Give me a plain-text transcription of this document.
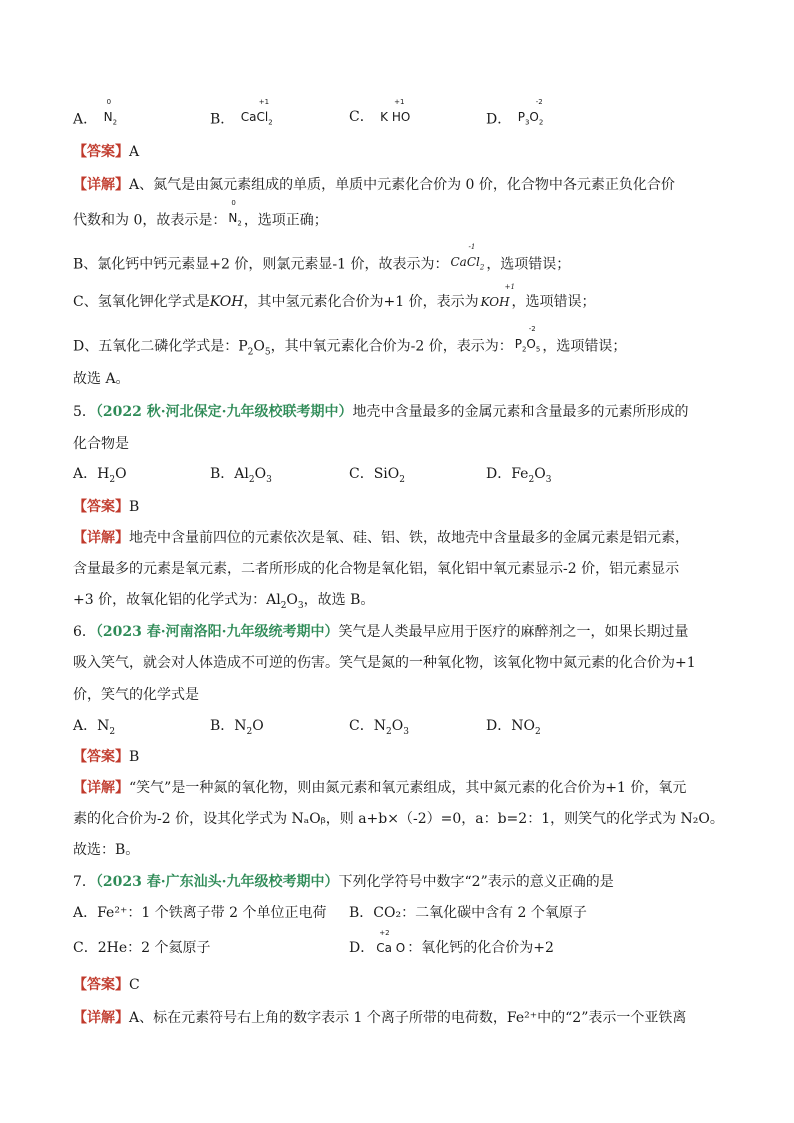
A．
0
$N_2$	B． Ca
+1
$Cl_2$	C． K
+1
HO	D． $P_3$
-2
$O_2$
【答案】A
【详解】A、氮气是由氮元素组成的单质，单质中元素化合价为 0 价，化合物中各元素正负化合价
代数和为 0，故表示是：
0
$N_2$ ，选项正确；
B、氯化钙中钙元素显+2 价，则氯元素显-1 价，故表示为： Ca
-1
$Cl_2$ ，选项错误；
C、氢氧化钾化学式是KOH，其中氢元素化合价为+1 价，表示为 KO
+1
H ，选项错误；
D、五氧化二磷化学式是：$P_2O_5$，其中氧元素化合价为-2 价，表示为： $P_2$
-2
$O_5$ ，选项错误；
故选 A。
5．（2022 秋·河北保定·九年级校联考期中）地壳中含量最多的金属元素和含量最多的元素所形成的
化合物是
A．$H_2O$	B．$Al_2O_3$	C．SiO$_2$	D．$Fe_2O_3$
【答案】B
【详解】地壳中含量前四位的元素依次是氧、硅、铝、铁，故地壳中含量最多的金属元素是铝元素，
含量最多的元素是氧元素，二者所形成的化合物是氧化铝，氧化铝中氧元素显示-2 价，铝元素显示
+3 价，故氧化铝的化学式为：$Al_2O_3$，故选 B。
6．（2023 春·河南洛阳·九年级统考期中）笑气是人类最早应用于医疗的麻醉剂之一，如果长期过量
吸入笑气，就会对人体造成不可逆的伤害。笑气是氮的一种氧化物，该氧化物中氮元素的化合价为+1
价，笑气的化学式是
A．$N_2$	B．$N_2O$	C．$N_2O_3$	D．$NO_2$
【答案】B
【详解】“笑气”是一种氮的氧化物，则由氮元素和氧元素组成，其中氮元素的化合价为+1 价，氧元
素的化合价为-2 价，设其化学式为 NₐOᵦ，则 a+b×（-2）=0，a：b=2：1，则笑气的化学式为 N₂O。
故选：B。
7．（2023 春·广东汕头·九年级校考期中）下列化学符号中数字“2”表示的意义正确的是
A．Fe²⁺：1 个铁离子带 2 个单位正电荷 B．CO₂：二氧化碳中含有 2 个氧原子
C．2He：2 个氦原子	D．
+2
Ca O ：氧化钙的化合价为+2
【答案】C
【详解】A、标在元素符号右上角的数字表示 1 个离子所带的电荷数，Fe²⁺中的“2”表示一个亚铁离
